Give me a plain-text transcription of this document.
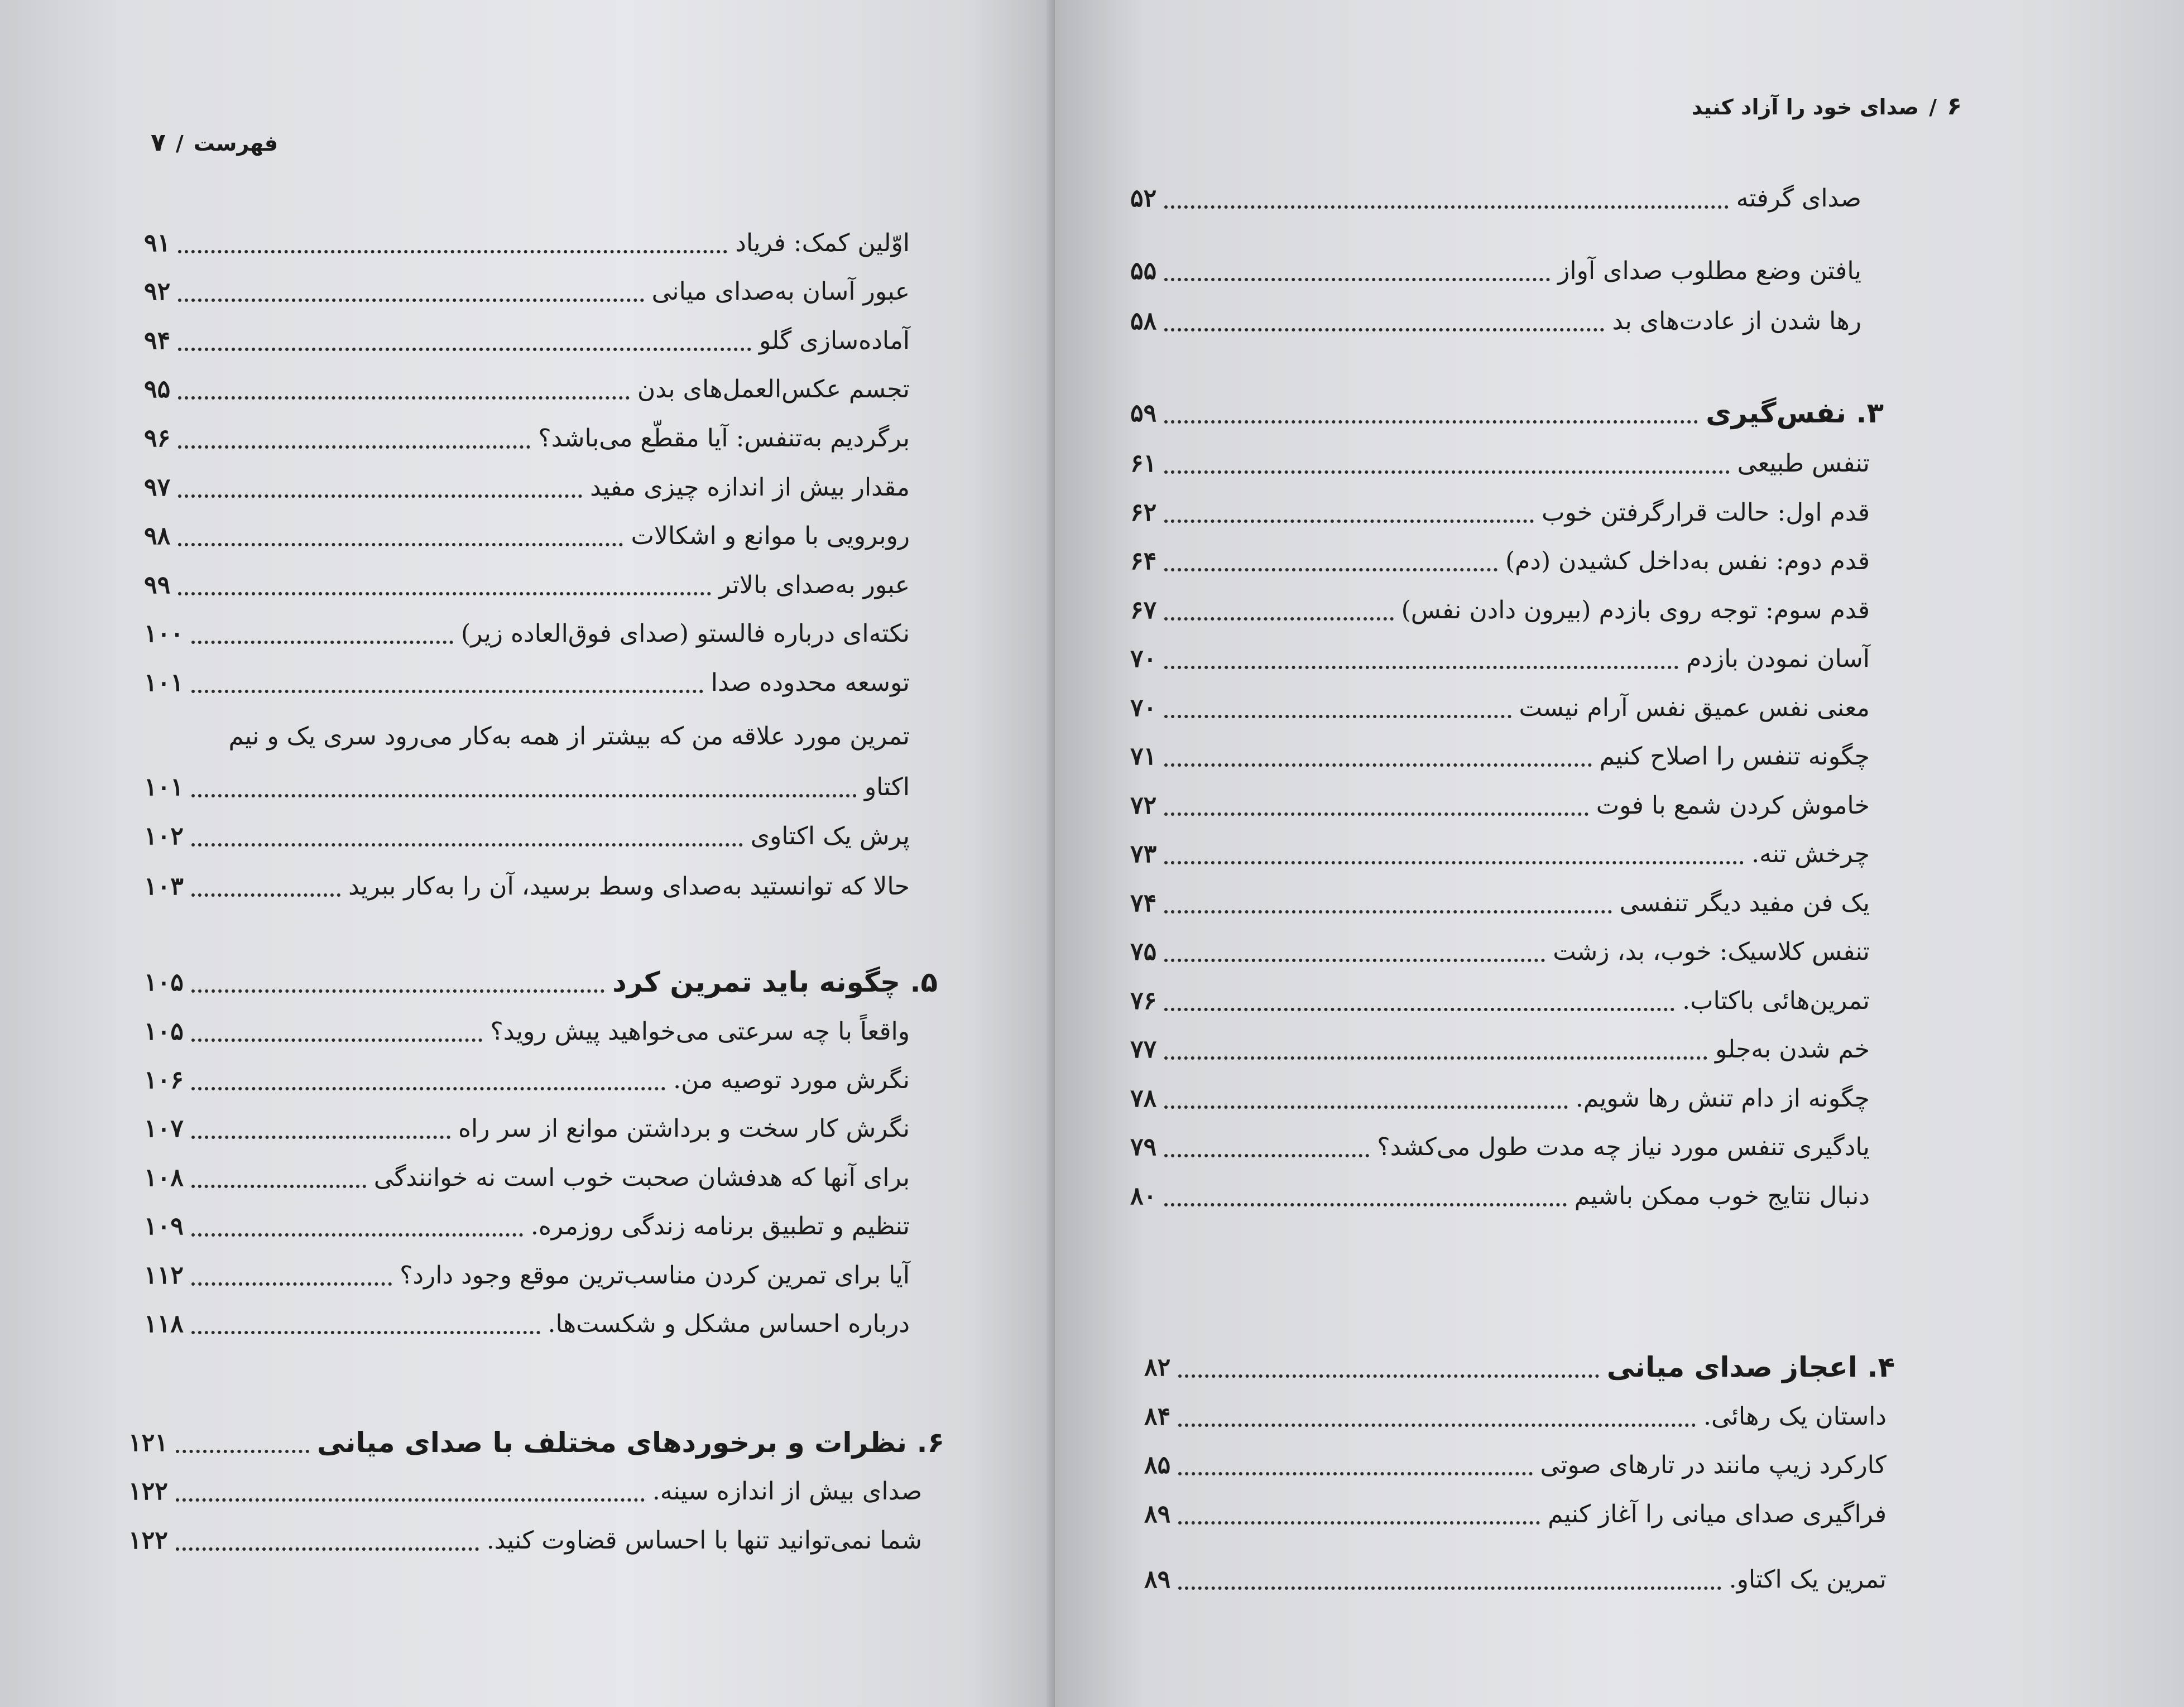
فهرست/۷
اوّلین کمک: فریاد
۹۱
عبور آسان به‌صدای میانی
۹۲
آماده‌سازی گلو
۹۴
تجسم عکس‌العمل‌های بدن
۹۵
برگردیم به‌تنفس: آیا مقطّع می‌باشد؟
۹۶
مقدار بیش از اندازه چیزی مفید
۹۷
روبرویی با موانع و اشکالات
۹۸
عبور به‌صدای بالاتر
۹۹
نکته‌ای درباره فالستو (صدای فوق‌العاده زیر)
۱۰۰
توسعه محدوده صدا
۱۰۱
تمرین مورد علاقه من که بیشتر از همه به‌کار می‌رود سری یک و نیم
اکتاو
۱۰۱
پرش یک اکتاوی
۱۰۲
حالا که توانستید به‌صدای وسط برسید، آن را به‌کار ببرید
۱۰۳
۵. چگونه باید تمرین کرد
۱۰۵
واقعاً با چه سرعتی می‌خواهید پیش روید؟
۱۰۵
نگرش مورد توصیه من.
۱۰۶
نگرش کار سخت و برداشتن موانع از سر راه
۱۰۷
برای آنها که هدفشان صحبت خوب است نه خوانندگی
۱۰۸
تنظیم و تطبیق برنامه زندگی روزمره.
۱۰۹
آیا برای تمرین کردن مناسب‌ترین موقع وجود دارد؟
۱۱۲
درباره احساس مشکل و شکست‌ها.
۱۱۸
۶. نظرات و برخوردهای مختلف با صدای میانی
۱۲۱
صدای بیش از اندازه سینه.
۱۲۲
شما نمی‌توانید تنها با احساس قضاوت کنید.
۱۲۲
۶/صدای خود را آزاد کنید
صدای گرفته
۵۲
یافتن وضع مطلوب صدای آواز
۵۵
رها شدن از عادت‌های بد
۵۸
۳. نفس‌گیری
۵۹
تنفس طبیعی
۶۱
قدم اول: حالت قرارگرفتن خوب
۶۲
قدم دوم: نفس به‌داخل کشیدن (دم)
۶۴
قدم سوم: توجه روی بازدم (بیرون دادن نفس)
۶۷
آسان نمودن بازدم
۷۰
معنی نفس عمیق نفس آرام نیست
۷۰
چگونه تنفس را اصلاح کنیم
۷۱
خاموش کردن شمع با فوت
۷۲
چرخش تنه.
۷۳
یک فن مفید دیگر تنفسی
۷۴
تنفس کلاسیک: خوب، بد، زشت
۷۵
تمرین‌هائی باکتاب.
۷۶
خم شدن به‌جلو
۷۷
چگونه از دام تنش رها شویم.
۷۸
یادگیری تنفس مورد نیاز چه مدت طول می‌کشد؟
۷۹
دنبال نتایج خوب ممکن باشیم
۸۰
۴. اعجاز صدای میانی
۸۲
داستان یک رهائی.
۸۴
کارکرد زیپ مانند در تارهای صوتی
۸۵
فراگیری صدای میانی را آغاز کنیم
۸۹
تمرین یک اکتاو.
۸۹
